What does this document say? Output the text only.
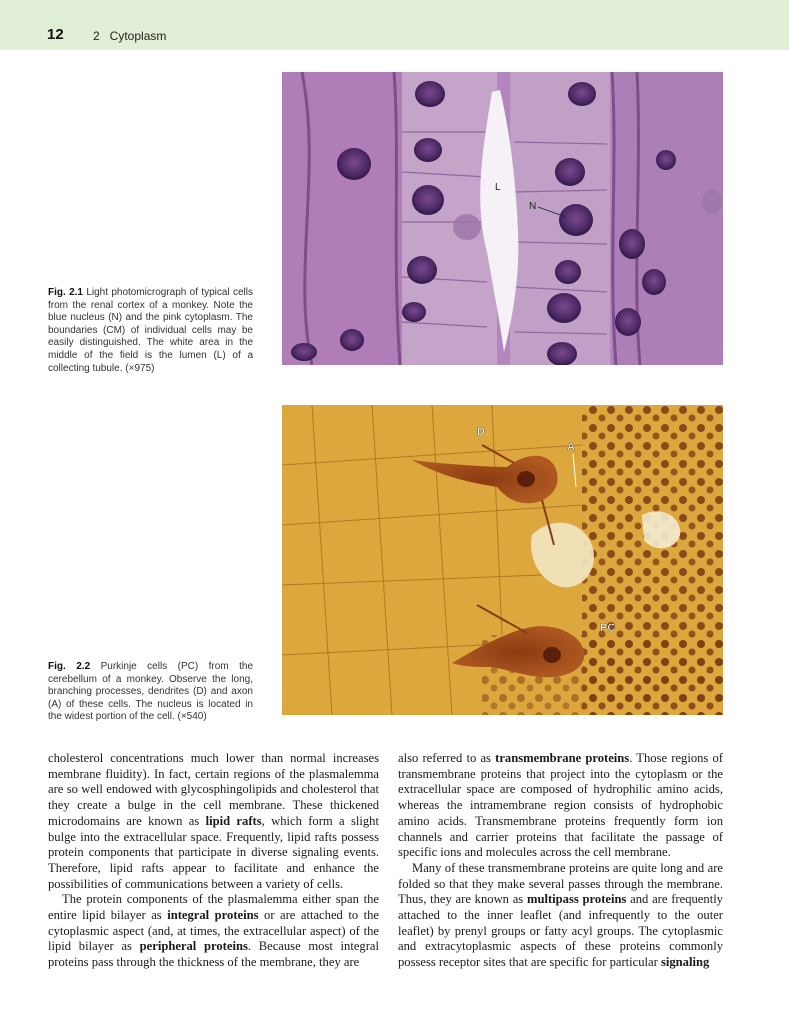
12 2   Cytoplasm
Fig. 2.1 Light photomicrograph of typical cells from the renal cortex of a monkey. Note the blue nucleus (N) and the pink cytoplasm. The boundaries (CM) of individual cells may be easily distinguished. The white area in the middle of the field is the lumen (L) of a collecting tubule. (×975)
L
N
Fig. 2.2 Purkinje cells (PC) from the cerebellum of a monkey. Observe the long, branching processes, dendrites (D) and axon (A) of these cells. The nucleus is located in the widest portion of the cell. (×540)
D
A
PC

cholesterol concentrations much lower than normal increases membrane fluidity). In fact, certain regions of the plasmalemma are so well endowed with glycosphingolipids and cholesterol that they create a bulge in the cell membrane. These thickened microdomains are known as lipid rafts, which form a slight bulge into the extracellular space. Frequently, lipid rafts possess protein components that participate in diverse signaling events. Therefore, lipid rafts appear to facilitate and enhance the possibilities of communications between a variety of cells.

The protein components of the plasmalemma either span the entire lipid bilayer as integral proteins or are attached to the cytoplasmic aspect (and, at times, the extracellular aspect) of the lipid bilayer as peripheral proteins. Because most integral proteins pass through the thickness of the membrane, they are

also referred to as transmembrane proteins. Those regions of transmembrane proteins that project into the cytoplasm or the extracellular space are composed of hydrophilic amino acids, whereas the intramembrane region consists of hydrophobic amino acids. Transmembrane proteins frequently form ion channels and carrier proteins that facilitate the passage of specific ions and molecules across the cell membrane.

Many of these transmembrane proteins are quite long and are folded so that they make several passes through the membrane. Thus, they are known as multipass proteins and are frequently attached to the inner leaflet (and infrequently to the outer leaflet) by prenyl groups or fatty acyl groups. The cytoplasmic and extracytoplasmic aspects of these proteins commonly possess receptor sites that are specific for particular signaling
